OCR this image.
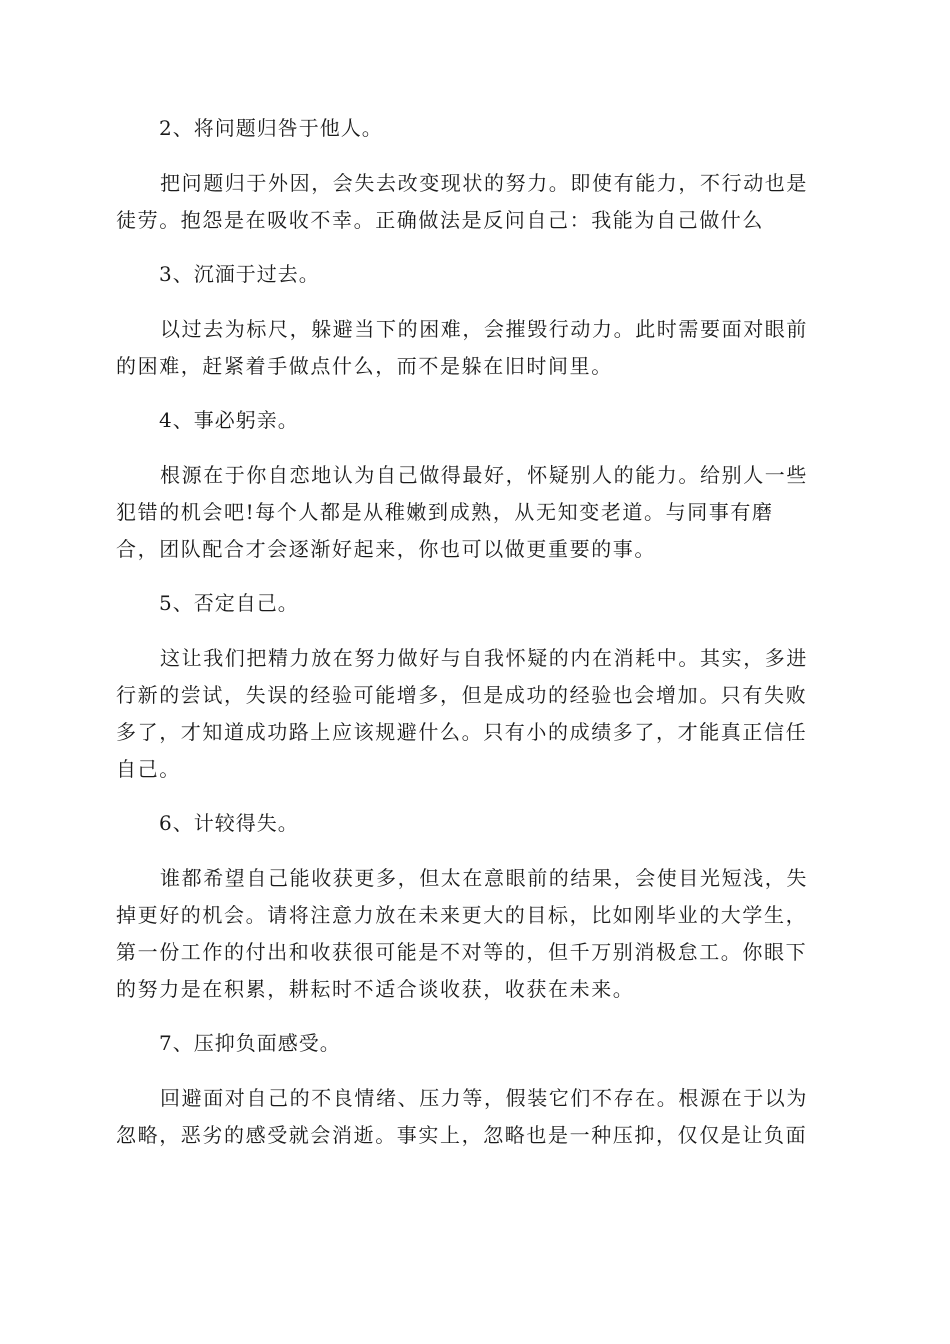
2、将问题归咎于他人。
把问题归于外因，会失去改变现状的努力。即使有能力，不行动也是
徒劳。抱怨是在吸收不幸。正确做法是反问自己：我能为自己做什么
3、沉湎于过去。
以过去为标尺，躲避当下的困难，会摧毁行动力。此时需要面对眼前
的困难，赶紧着手做点什么，而不是躲在旧时间里。
4、事必躬亲。
根源在于你自恋地认为自己做得最好，怀疑别人的能力。给别人一些
犯错的机会吧!每个人都是从稚嫩到成熟，从无知变老道。与同事有磨
合，团队配合才会逐渐好起来，你也可以做更重要的事。
5、否定自己。
这让我们把精力放在努力做好与自我怀疑的内在消耗中。其实，多进
行新的尝试，失误的经验可能增多，但是成功的经验也会增加。只有失败
多了，才知道成功路上应该规避什么。只有小的成绩多了，才能真正信任
自己。
6、计较得失。
谁都希望自己能收获更多，但太在意眼前的结果，会使目光短浅，失
掉更好的机会。请将注意力放在未来更大的目标，比如刚毕业的大学生，
第一份工作的付出和收获很可能是不对等的，但千万别消极怠工。你眼下
的努力是在积累，耕耘时不适合谈收获，收获在未来。
7、压抑负面感受。
回避面对自己的不良情绪、压力等，假装它们不存在。根源在于以为
忽略，恶劣的感受就会消逝。事实上，忽略也是一种压抑，仅仅是让负面
